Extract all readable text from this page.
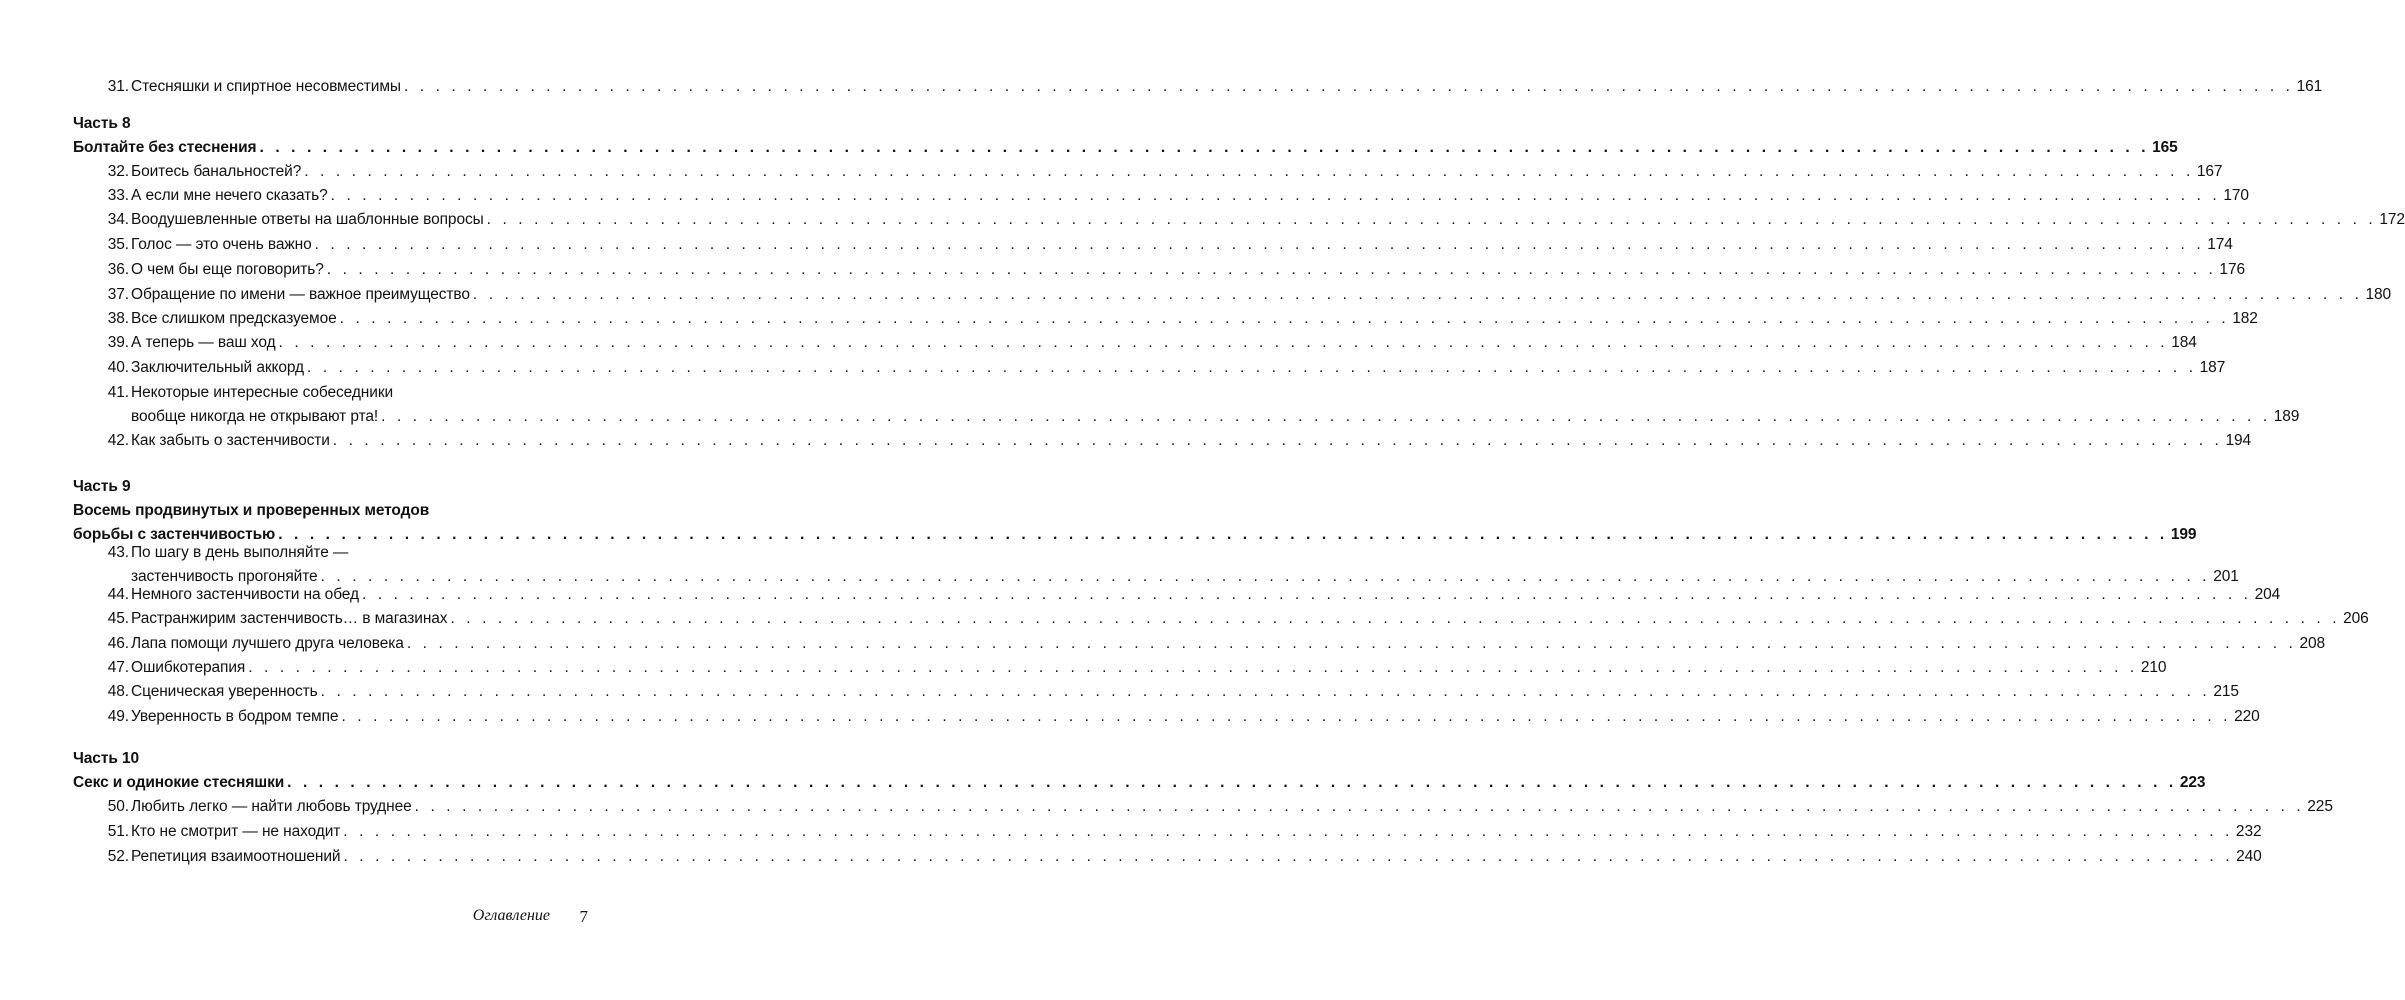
31. Стесняшки и спиртное несовместимы . . . . . . . . . . . . . . . . . . . . . . . . . . . . . . . . . . . . . . . . . . . . . . . . . . . . . . . . . . . . . . . . . . . . . . . . . . . . . . . . . . . . . . . . . . . . . . . . . . . . . . . . . . . . . . . . . . . . . . . . 161
Часть 8
Болтайте без стеснения . . . . . . . . . . . . . . . . . . . . . . . . . . . . . . . . . . . . . . . . . . . . . . . . . . . . . . . . . . . . . . . . . . . . . . . . . . . . . . . . . . . . . . . . . . . . . . . . . . . . . . . . . . . . . . . . . . . . . . . . 165
32. Боитесь банальностей? . . . . . . . . . . . . . . . . . . . . . . . . . . . . . . . . . . . . . . . . . . . . . . . . . . . . . . . . . . . . . . . . . . . . . . . . . . . . . . . . . . . . . . . . . . . . . . . . . . . . . . . . . . . . . . . . . . . . . . . . 167
33. А если мне нечего сказать? . . . . . . . . . . . . . . . . . . . . . . . . . . . . . . . . . . . . . . . . . . . . . . . . . . . . . . . . . . . . . . . . . . . . . . . . . . . . . . . . . . . . . . . . . . . . . . . . . . . . . . . . . . . . . . . . . . . . . . . . 170
34. Воодушевленные ответы на шаблонные вопросы . . . . . . . . . . . . . . . . . . . . . . . . . . . . . . . . . . . . . . . . . . . . . . . . . . . . . . . . . . . . . . . . . . . . . . . . . . . . . . . . . . . . . . . . . . . . . . . . . . . . . . . . . . . . . . . . . . . . . . . . 172
35. Голос — это очень важно . . . . . . . . . . . . . . . . . . . . . . . . . . . . . . . . . . . . . . . . . . . . . . . . . . . . . . . . . . . . . . . . . . . . . . . . . . . . . . . . . . . . . . . . . . . . . . . . . . . . . . . . . . . . . . . . . . . . . . . . 174
36. О чем бы еще поговорить? . . . . . . . . . . . . . . . . . . . . . . . . . . . . . . . . . . . . . . . . . . . . . . . . . . . . . . . . . . . . . . . . . . . . . . . . . . . . . . . . . . . . . . . . . . . . . . . . . . . . . . . . . . . . . . . . . . . . . . . . 176
37. Обращение по имени — важное преимущество . . . . . . . . . . . . . . . . . . . . . . . . . . . . . . . . . . . . . . . . . . . . . . . . . . . . . . . . . . . . . . . . . . . . . . . . . . . . . . . . . . . . . . . . . . . . . . . . . . . . . . . . . . . . . . . . . . . . . . . . 180
38. Все слишком предсказуемое . . . . . . . . . . . . . . . . . . . . . . . . . . . . . . . . . . . . . . . . . . . . . . . . . . . . . . . . . . . . . . . . . . . . . . . . . . . . . . . . . . . . . . . . . . . . . . . . . . . . . . . . . . . . . . . . . . . . . . . . 182
39. А теперь — ваш ход . . . . . . . . . . . . . . . . . . . . . . . . . . . . . . . . . . . . . . . . . . . . . . . . . . . . . . . . . . . . . . . . . . . . . . . . . . . . . . . . . . . . . . . . . . . . . . . . . . . . . . . . . . . . . . . . . . . . . . . . 184
40. Заключительный аккорд . . . . . . . . . . . . . . . . . . . . . . . . . . . . . . . . . . . . . . . . . . . . . . . . . . . . . . . . . . . . . . . . . . . . . . . . . . . . . . . . . . . . . . . . . . . . . . . . . . . . . . . . . . . . . . . . . . . . . . . . 187
41. Некоторые интересные собеседники
вообще никогда не открывают рта! . . . . . . . . . . . . . . . . . . . . . . . . . . . . . . . . . . . . . . . . . . . . . . . . . . . . . . . . . . . . . . . . . . . . . . . . . . . . . . . . . . . . . . . . . . . . . . . . . . . . . . . . . . . . . . . . . . . . . . . . 189
42. Как забыть о застенчивости . . . . . . . . . . . . . . . . . . . . . . . . . . . . . . . . . . . . . . . . . . . . . . . . . . . . . . . . . . . . . . . . . . . . . . . . . . . . . . . . . . . . . . . . . . . . . . . . . . . . . . . . . . . . . . . . . . . . . . . . 194
Часть 9
Восемь продвинутых и проверенных методов
борьбы с застенчивостью . . . . . . . . . . . . . . . . . . . . . . . . . . . . . . . . . . . . . . . . . . . . . . . . . . . . . . . . . . . . . . . . . . . . . . . . . . . . . . . . . . . . . . . . . . . . . . . . . . . . . . . . . . . . . . . . . . . . . . . . 199
43. По шагу в день выполняйте —
застенчивость прогоняйте . . . . . . . . . . . . . . . . . . . . . . . . . . . . . . . . . . . . . . . . . . . . . . . . . . . . . . . . . . . . . . . . . . . . . . . . . . . . . . . . . . . . . . . . . . . . . . . . . . . . . . . . . . . . . . . . . . . . . . . . 201
44. Немного застенчивости на обед . . . . . . . . . . . . . . . . . . . . . . . . . . . . . . . . . . . . . . . . . . . . . . . . . . . . . . . . . . . . . . . . . . . . . . . . . . . . . . . . . . . . . . . . . . . . . . . . . . . . . . . . . . . . . . . . . . . . . . . . 204
45. Растранжирим застенчивость… в магазинах . . . . . . . . . . . . . . . . . . . . . . . . . . . . . . . . . . . . . . . . . . . . . . . . . . . . . . . . . . . . . . . . . . . . . . . . . . . . . . . . . . . . . . . . . . . . . . . . . . . . . . . . . . . . . . . . . . . . . . . . 206
46. Лапа помощи лучшего друга человека . . . . . . . . . . . . . . . . . . . . . . . . . . . . . . . . . . . . . . . . . . . . . . . . . . . . . . . . . . . . . . . . . . . . . . . . . . . . . . . . . . . . . . . . . . . . . . . . . . . . . . . . . . . . . . . . . . . . . . . . 208
47. Ошибкотерапия . . . . . . . . . . . . . . . . . . . . . . . . . . . . . . . . . . . . . . . . . . . . . . . . . . . . . . . . . . . . . . . . . . . . . . . . . . . . . . . . . . . . . . . . . . . . . . . . . . . . . . . . . . . . . . . . . . . . . . . . 210
48. Сценическая уверенность . . . . . . . . . . . . . . . . . . . . . . . . . . . . . . . . . . . . . . . . . . . . . . . . . . . . . . . . . . . . . . . . . . . . . . . . . . . . . . . . . . . . . . . . . . . . . . . . . . . . . . . . . . . . . . . . . . . . . . . . 215
49. Уверенность в бодром темпе . . . . . . . . . . . . . . . . . . . . . . . . . . . . . . . . . . . . . . . . . . . . . . . . . . . . . . . . . . . . . . . . . . . . . . . . . . . . . . . . . . . . . . . . . . . . . . . . . . . . . . . . . . . . . . . . . . . . . . . . 220
Часть 10
Секс и одинокие стесняшки . . . . . . . . . . . . . . . . . . . . . . . . . . . . . . . . . . . . . . . . . . . . . . . . . . . . . . . . . . . . . . . . . . . . . . . . . . . . . . . . . . . . . . . . . . . . . . . . . . . . . . . . . . . . . . . . . . . . . . . . 223
50. Любить легко — найти любовь труднее . . . . . . . . . . . . . . . . . . . . . . . . . . . . . . . . . . . . . . . . . . . . . . . . . . . . . . . . . . . . . . . . . . . . . . . . . . . . . . . . . . . . . . . . . . . . . . . . . . . . . . . . . . . . . . . . . . . . . . . . 225
51. Кто не смотрит — не находит . . . . . . . . . . . . . . . . . . . . . . . . . . . . . . . . . . . . . . . . . . . . . . . . . . . . . . . . . . . . . . . . . . . . . . . . . . . . . . . . . . . . . . . . . . . . . . . . . . . . . . . . . . . . . . . . . . . . . . . . 232
52. Репетиция взаимоотношений . . . . . . . . . . . . . . . . . . . . . . . . . . . . . . . . . . . . . . . . . . . . . . . . . . . . . . . . . . . . . . . . . . . . . . . . . . . . . . . . . . . . . . . . . . . . . . . . . . . . . . . . . . . . . . . . . . . . . . . . 240
Оглавление	7
